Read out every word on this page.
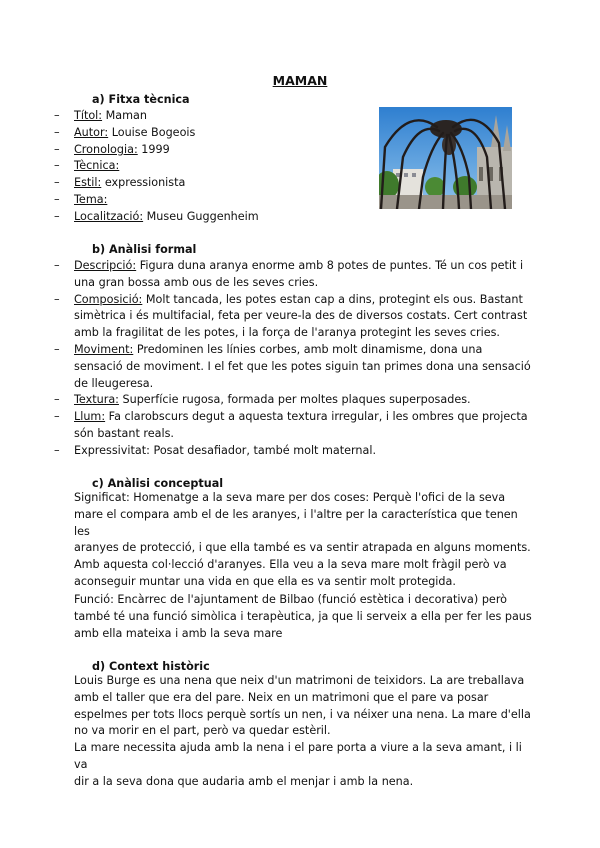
MAMAN
a) Fitxa tècnica
– Títol: Maman
– Autor: Louise Bogeois
– Cronologia: 1999
– Tècnica:
– Estil: expressionista
– Tema:
– Localització: Museu Guggenheim
b) Anàlisi formal
– Descripció: Figura duna aranya enorme amb 8 potes de puntes. Té un cos petit i
una gran bossa amb ous de les seves cries.
– Composició: Molt tancada, les potes estan cap a dins, protegint els ous. Bastant
simètrica i és multifacial, feta per veure-la des de diversos costats. Cert contrast
amb la fragilitat de les potes, i la força de l'aranya protegint les seves cries.
– Moviment: Predominen les línies corbes, amb molt dinamisme, dona una
sensació de moviment. I el fet que les potes siguin tan primes dona una sensació
de lleugeresa.
– Textura: Superfície rugosa, formada per moltes plaques superposades.
– Llum: Fa clarobscurs degut a aquesta textura irregular, i les ombres que projecta
són bastant reals.
– Expressivitat: Posat desafiador, també molt maternal.
c) Anàlisi conceptual
Significat: Homenatge a la seva mare per dos coses: Perquè l'ofici de la seva
mare el compara amb el de les aranyes, i l'altre per la característica que tenen les
aranyes de protecció, i que ella també es va sentir atrapada en alguns moments.
Amb aquesta col·lecció d'aranyes. Ella veu a la seva mare molt fràgil però va
aconseguir muntar una vida en que ella es va sentir molt protegida.
Funció: Encàrrec de l'ajuntament de Bilbao (funció estètica i decorativa) però
també té una funció simòlica i terapèutica, ja que li serveix a ella per fer les paus
amb ella mateixa i amb la seva mare
d) Context històric
Louis Burge es una nena que neix d'un matrimoni de teixidors. La are treballava
amb el taller que era del pare. Neix en un matrimoni que el pare va posar
espelmes per tots llocs perquè sortís un nen, i va néixer una nena. La mare d'ella
no va morir en el part, però va quedar estèril.
La mare necessita ajuda amb la nena i el pare porta a viure a la seva amant, i li va
dir a la seva dona que audaria amb el menjar i amb la nena.
